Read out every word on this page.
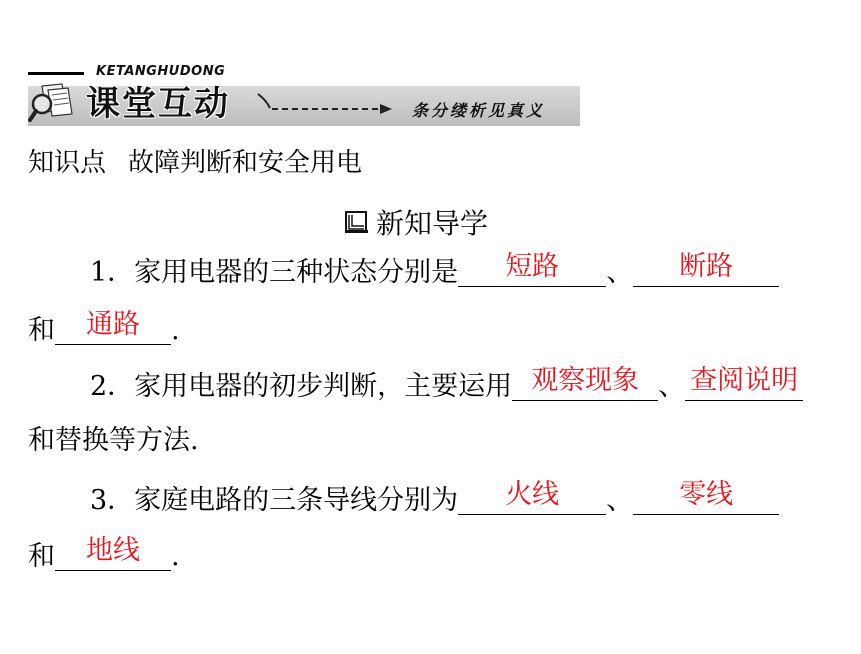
KETANGHUDONG
课堂互动	条分缕析见真义
知识点 故障判断和安全用电
新知导学
1．家用电器的三种状态分别是	短路	、	断路
和	通路	.
2．家用电器的初步判断，主要运用 观察现象 、 查阅说明
和替换等方法.
3．家庭电路的三条导线分别为	火线	、	零线
和	地线	.
